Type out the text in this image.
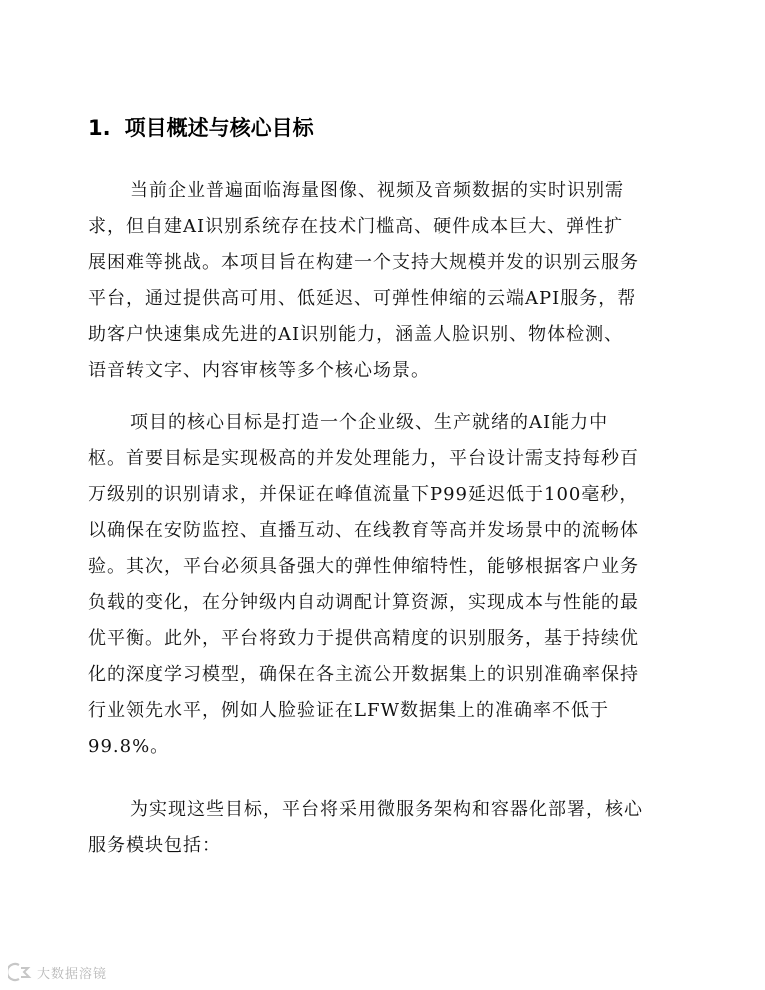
1. 项目概述与核心目标
当前企业普遍面临海量图像、视频及音频数据的实时识别需
求，但自建AI识别系统存在技术门槛高、硬件成本巨大、弹性扩
展困难等挑战。本项目旨在构建一个支持大规模并发的识别云服务
平台，通过提供高可用、低延迟、可弹性伸缩的云端API服务，帮
助客户快速集成先进的AI识别能力，涵盖人脸识别、物体检测、
语音转文字、内容审核等多个核心场景。
项目的核心目标是打造一个企业级、生产就绪的AI能力中
枢。首要目标是实现极高的并发处理能力，平台设计需支持每秒百
万级别的识别请求，并保证在峰值流量下P99延迟低于100毫秒，
以确保在安防监控、直播互动、在线教育等高并发场景中的流畅体
验。其次，平台必须具备强大的弹性伸缩特性，能够根据客户业务
负载的变化，在分钟级内自动调配计算资源，实现成本与性能的最
优平衡。此外，平台将致力于提供高精度的识别服务，基于持续优
化的深度学习模型，确保在各主流公开数据集上的识别准确率保持
行业领先水平，例如人脸验证在LFW数据集上的准确率不低于
99.8%。
为实现这些目标，平台将采用微服务架构和容器化部署，核心
服务模块包括：
大数据溶镜
